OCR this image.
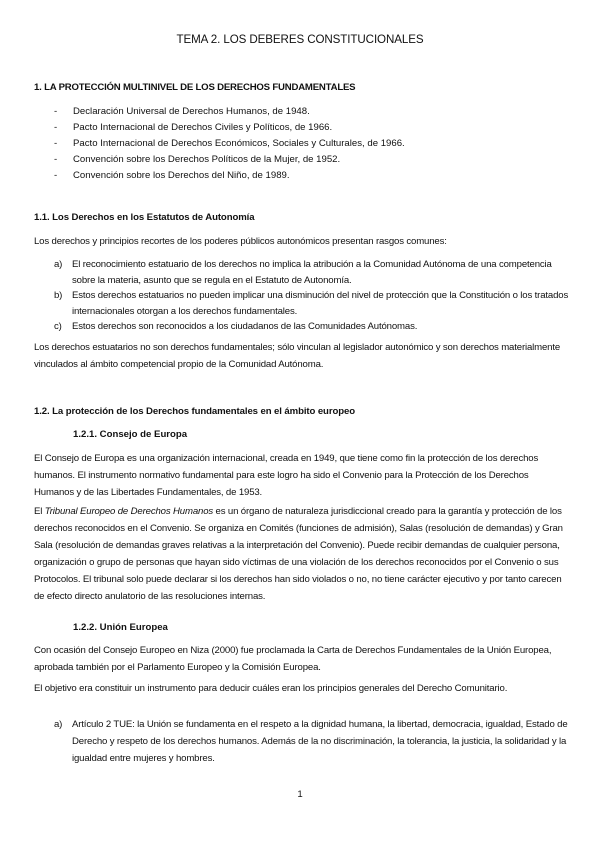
TEMA 2. LOS DEBERES CONSTITUCIONALES
1. LA PROTECCIÓN MULTINIVEL DE LOS DERECHOS FUNDAMENTALES
- Declaración Universal de Derechos Humanos, de 1948.
- Pacto Internacional de Derechos Civiles y Políticos, de 1966.
- Pacto Internacional de Derechos Económicos, Sociales y Culturales, de 1966.
- Convención sobre los Derechos Políticos de la Mujer, de 1952.
- Convención sobre los Derechos del Niño, de 1989.
1.1. Los Derechos en los Estatutos de Autonomía
Los derechos y principios recortes de los poderes públicos autonómicos presentan rasgos comunes:
a) El reconocimiento estatuario de los derechos no implica la atribución a la Comunidad Autónoma de una competencia sobre la materia, asunto que se regula en el Estatuto de Autonomía.
b) Estos derechos estatuarios no pueden implicar una disminución del nivel de protección que la Constitución o los tratados internacionales otorgan a los derechos fundamentales.
c) Estos derechos son reconocidos a los ciudadanos de las Comunidades Autónomas.
Los derechos estuatarios no son derechos fundamentales; sólo vinculan al legislador autonómico y son derechos materialmente vinculados al ámbito competencial propio de la Comunidad Autónoma.
1.2. La protección de los Derechos fundamentales en el ámbito europeo
1.2.1. Consejo de Europa
El Consejo de Europa es una organización internacional, creada en 1949, que tiene como fin la protección de los derechos humanos. El instrumento normativo fundamental para este logro ha sido el Convenio para la Protección de los Derechos Humanos y de las Libertades Fundamentales, de 1953.
El Tribunal Europeo de Derechos Humanos es un órgano de naturaleza jurisdiccional creado para la garantía y protección de los derechos reconocidos en el Convenio. Se organiza en Comités (funciones de admisión), Salas (resolución de demandas) y Gran Sala (resolución de demandas graves relativas a la interpretación del Convenio). Puede recibir demandas de cualquier persona, organización o grupo de personas que hayan sido víctimas de una violación de los derechos reconocidos por el Convenio o sus Protocolos. El tribunal solo puede declarar si los derechos han sido violados o no, no tiene carácter ejecutivo y por tanto carecen de efecto directo anulatorio de las resoluciones internas.
1.2.2. Unión Europea
Con ocasión del Consejo Europeo en Niza (2000) fue proclamada la Carta de Derechos Fundamentales de la Unión Europea, aprobada también por el Parlamento Europeo y la Comisión Europea.
El objetivo era constituir un instrumento para deducir cuáles eran los principios generales del Derecho Comunitario.
a) Artículo 2 TUE: la Unión se fundamenta en el respeto a la dignidad humana, la libertad, democracia, igualdad, Estado de Derecho y respeto de los derechos humanos. Además de la no discriminación, la tolerancia, la justicia, la solidaridad y la igualdad entre mujeres y hombres.
1
